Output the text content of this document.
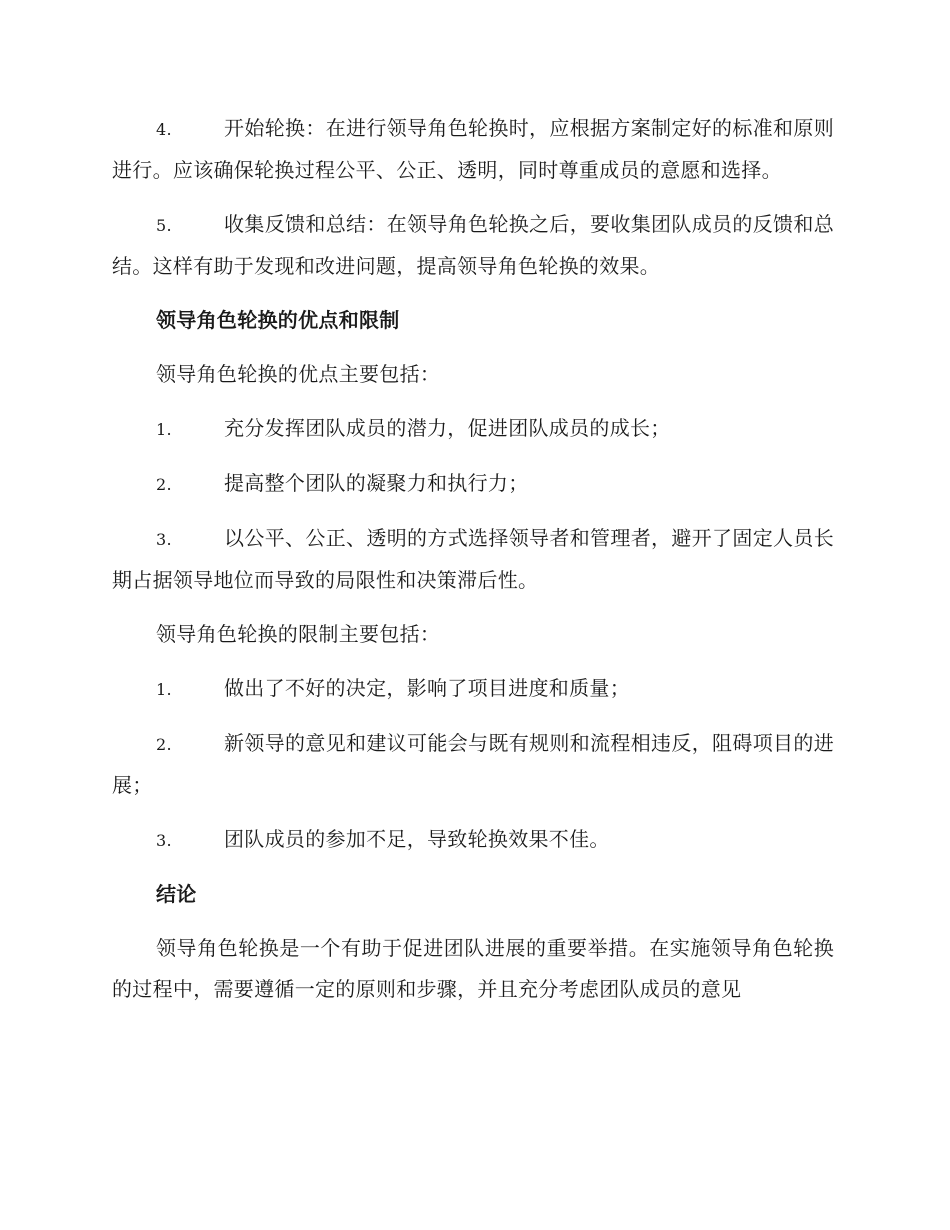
4.	开始轮换：在进行领导角色轮换时，应根据方案制定好的标准和原则进行。应该确保轮换过程公平、公正、透明，同时尊重成员的意愿和选择。

5.	收集反馈和总结：在领导角色轮换之后，要收集团队成员的反馈和总结。这样有助于发现和改进问题，提高领导角色轮换的效果。

领导角色轮换的优点和限制

领导角色轮换的优点主要包括：

1.	充分发挥团队成员的潜力，促进团队成员的成长；

2.	提高整个团队的凝聚力和执行力；

3.	以公平、公正、透明的方式选择领导者和管理者，避开了固定人员长期占据领导地位而导致的局限性和决策滞后性。

领导角色轮换的限制主要包括：

1.	做出了不好的决定，影响了项目进度和质量；

2.	新领导的意见和建议可能会与既有规则和流程相违反，阻碍项目的进展；

3.	团队成员的参加不足，导致轮换效果不佳。

结论

领导角色轮换是一个有助于促进团队进展的重要举措。在实施领导角色轮换的过程中，需要遵循一定的原则和步骤，并且充分考虑团队成员的意见
